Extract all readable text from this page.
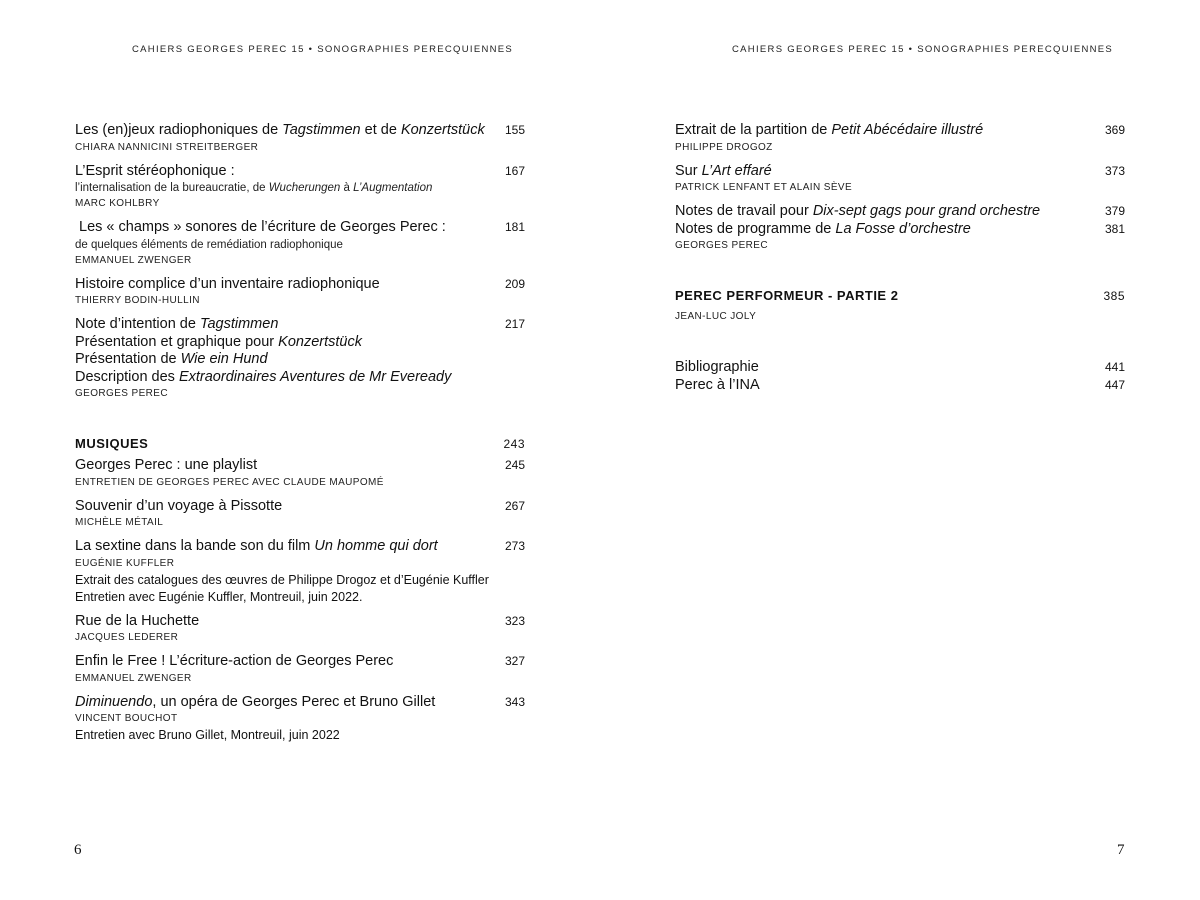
CAHIERS GEORGES PEREC 15 • SONOGRAPHIES PERECQUIENNES	CAHIERS GEORGES PEREC 15 • SONOGRAPHIES PERECQUIENNES
Les (en)jeux radiophoniques de Tagstimmen et de Konzertstück	155
CHIARA NANNICINI STREITBERGER
L’Esprit stéréophonique :	167
l’internalisation de la bureaucratie, de Wucherungen à L’Augmentation
MARC KOHLBRY
Les « champs » sonores de l’écriture de Georges Perec :	181
de quelques éléments de remédiation radiophonique
EMMANUEL ZWENGER
Histoire complice d’un inventaire radiophonique	209
THIERRY BODIN-HULLIN
Note d’intention de Tagstimmen	217
Présentation et graphique pour Konzertstück
Présentation de Wie ein Hund
Description des Extraordinaires Aventures de Mr Eveready
GEORGES PEREC
MUSIQUES	243
Georges Perec : une playlist	245
ENTRETIEN DE GEORGES PEREC AVEC CLAUDE MAUPOMÉ
Souvenir d’un voyage à Pissotte	267
MICHÈLE MÉTAIL
La sextine dans la bande son du film Un homme qui dort	273
EUGÉNIE KUFFLER
Extrait des catalogues des œuvres de Philippe Drogoz et d’Eugénie Kuffler
Entretien avec Eugénie Kuffler, Montreuil, juin 2022.
Rue de la Huchette	323
JACQUES LEDERER
Enfin le Free ! L’écriture-action de Georges Perec	327
EMMANUEL ZWENGER
Diminuendo, un opéra de Georges Perec et Bruno Gillet	343
VINCENT BOUCHOT
Entretien avec Bruno Gillet, Montreuil, juin 2022
Extrait de la partition de Petit Abécédaire illustré	369
PHILIPPE DROGOZ
Sur L’Art effaré	373
PATRICK LENFANT ET ALAIN SÈVE
Notes de travail pour Dix-sept gags pour grand orchestre	379
Notes de programme de La Fosse d’orchestre	381
GEORGES PEREC
PEREC PERFORMEUR - PARTIE 2	385
JEAN-LUC JOLY
Bibliographie	441
Perec à l’INA	447
6	7
